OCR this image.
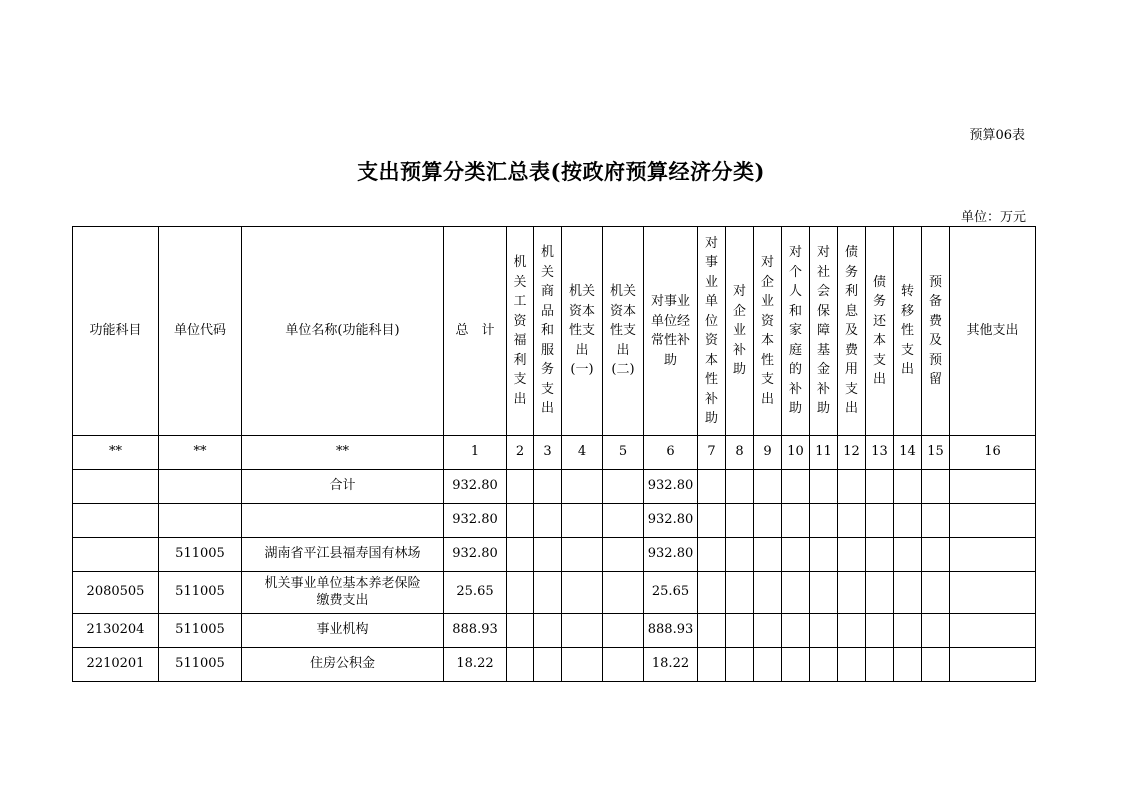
预算06表
支出预算分类汇总表(按政府预算经济分类)
单位：万元
功能科目	单位代码	单位名称(功能科目)	总　计	机关工资福利支出	机关商品和服务支出	机关资本性支出(一)	机关资本性支出(二)	对事业单位经常性补助	对事业单位资本性补助	对企业补助	对企业资本性支出	对个人和家庭的补助	对社会保障基金补助	债务利息及费用支出	债务还本支出	转移性支出	预备费及预留	其他支出
**	**	**	1	2	3	4	5	6	7	8	9	10	11	12	13	14	15	16
		合计	932.80					932.80										
			932.80					932.80										
	511005	湖南省平江县福寿国有林场	932.80					932.80										
2080505	511005	机关事业单位基本养老保险缴费支出	25.65					25.65										
2130204	511005	事业机构	888.93					888.93										
2210201	511005	住房公积金	18.22					18.22										
